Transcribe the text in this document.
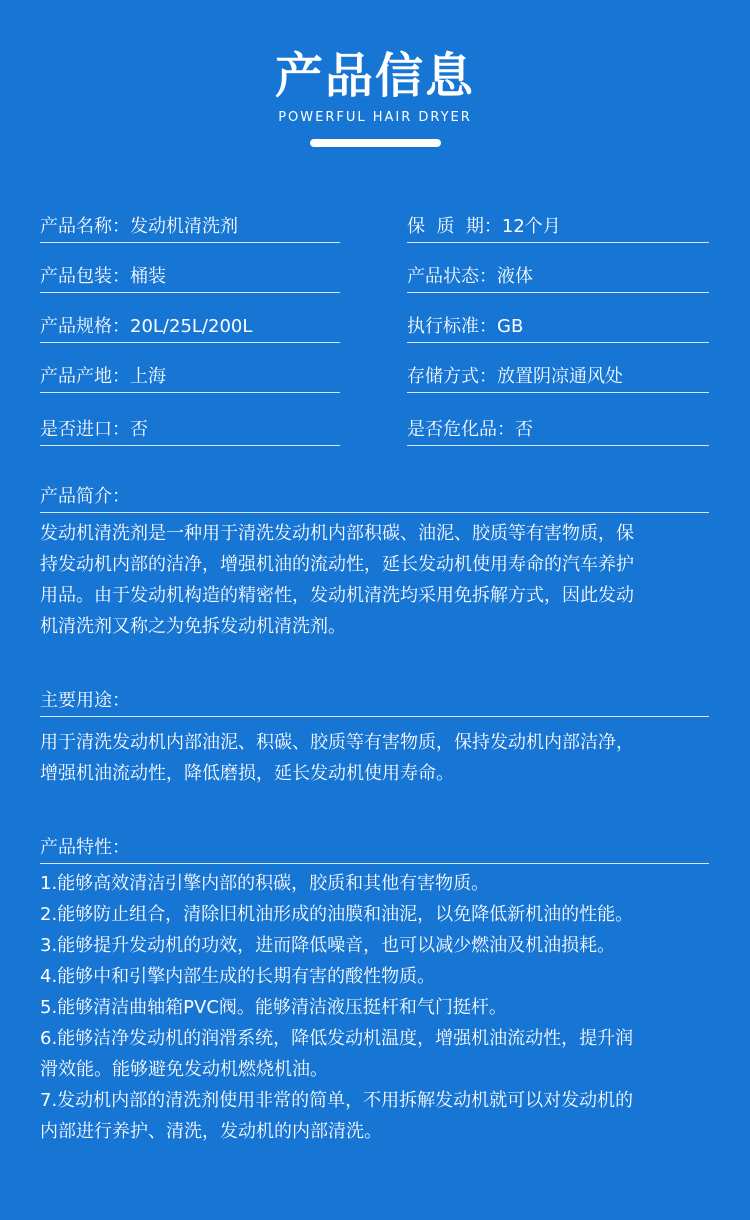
产品信息
POWERFUL HAIR DRYER
产品名称：发动机清洗剂	保  质  期：12个月
产品包装：桶装	产品状态：液体
产品规格：20L/25L/200L	执行标准：GB
产品产地：上海	存储方式：放置阴凉通风处
是否进口：否	是否危化品：否
产品简介：
发动机清洗剂是一种用于清洗发动机内部积碳、油泥、胶质等有害物质，保
持发动机内部的洁净，增强机油的流动性，延长发动机使用寿命的汽车养护
用品。由于发动机构造的精密性，发动机清洗均采用免拆解方式，因此发动
机清洗剂又称之为免拆发动机清洗剂。
主要用途：
用于清洗发动机内部油泥、积碳、胶质等有害物质，保持发动机内部洁净，
增强机油流动性，降低磨损，延长发动机使用寿命。
产品特性：
1.能够高效清洁引擎内部的积碳，胶质和其他有害物质。
2.能够防止组合，清除旧机油形成的油膜和油泥，以免降低新机油的性能。
3.能够提升发动机的功效，进而降低噪音，也可以减少燃油及机油损耗。
4.能够中和引擎内部生成的长期有害的酸性物质。
5.能够清洁曲轴箱PVC阀。能够清洁液压挺杆和气门挺杆。
6.能够洁净发动机的润滑系统，降低发动机温度，增强机油流动性，提升润
滑效能。能够避免发动机燃烧机油。
7.发动机内部的清洗剂使用非常的简单，不用拆解发动机就可以对发动机的
内部进行养护、清洗，发动机的内部清洗。
